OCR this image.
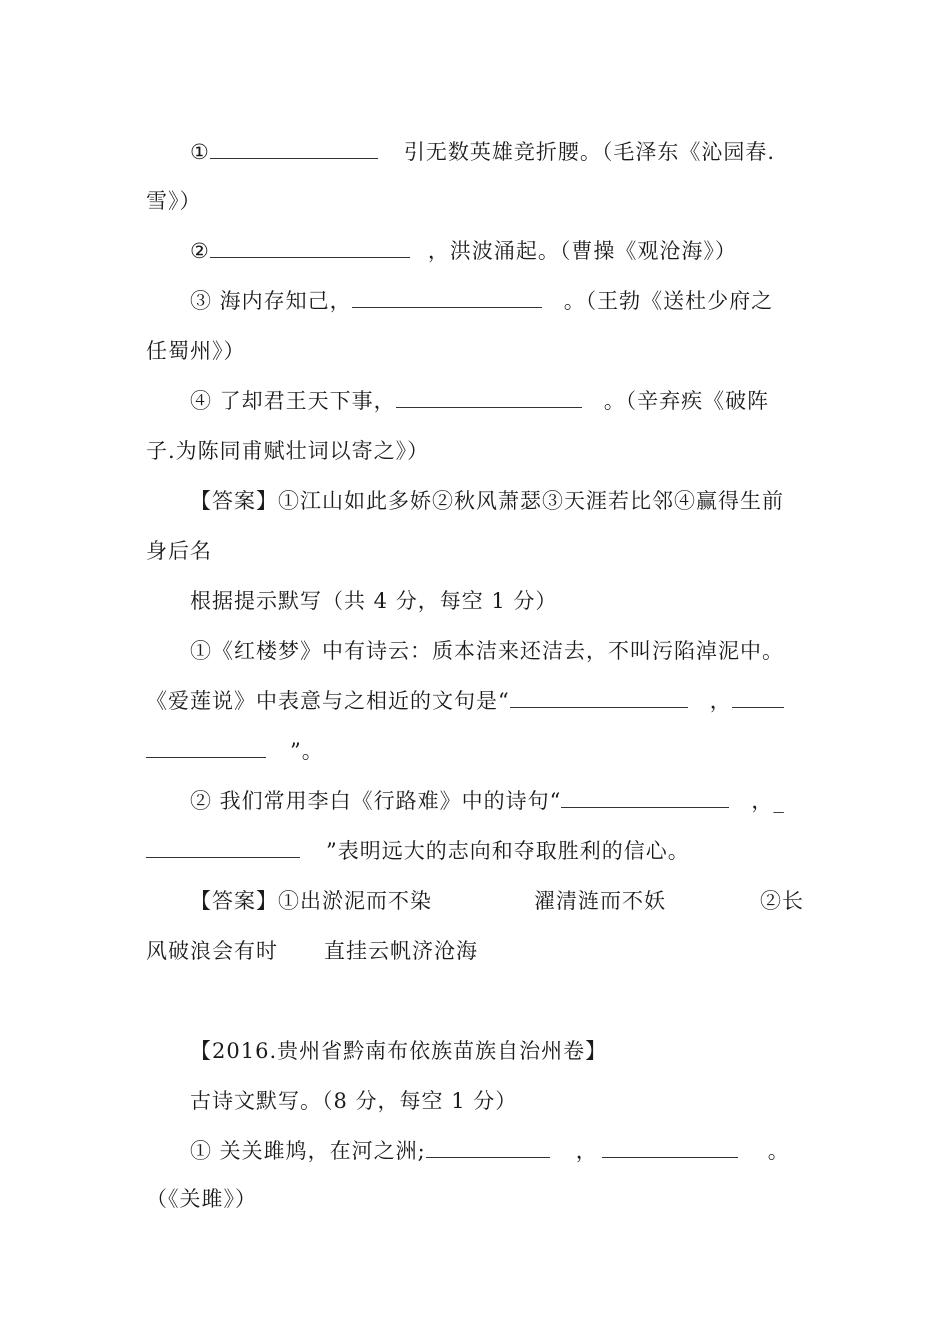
①	引无数英雄竞折腰。（毛泽东《沁园春.
雪》）
②	，洪波涌起。（曹操《观沧海》）
③ 海内存知己，	。（王勃《送杜少府之
任蜀州》）
④ 了却君王天下事，	。（辛弃疾《破阵
子.为陈同甫赋壮词以寄之》）
【答案】①江山如此多娇②秋风萧瑟③天涯若比邻④赢得生前
身后名
根据提示默写（共 4 分，每空 1 分）
①《红楼梦》中有诗云：质本洁来还洁去，不叫污陷淖泥中。
《爱莲说》中表意与之相近的文句是“	，
”。
② 我们常用李白《行路难》中的诗句“	，_
”表明远大的志向和夺取胜利的信心。
【答案】①出淤泥而不染	濯清涟而不妖	②长
风破浪会有时 直挂云帆济沧海
【2016.贵州省黔南布依族苗族自治州卷】
古诗文默写。（8 分，每空 1 分）
① 关关雎鸠，在河之洲;	，	。
（《关雎》）
